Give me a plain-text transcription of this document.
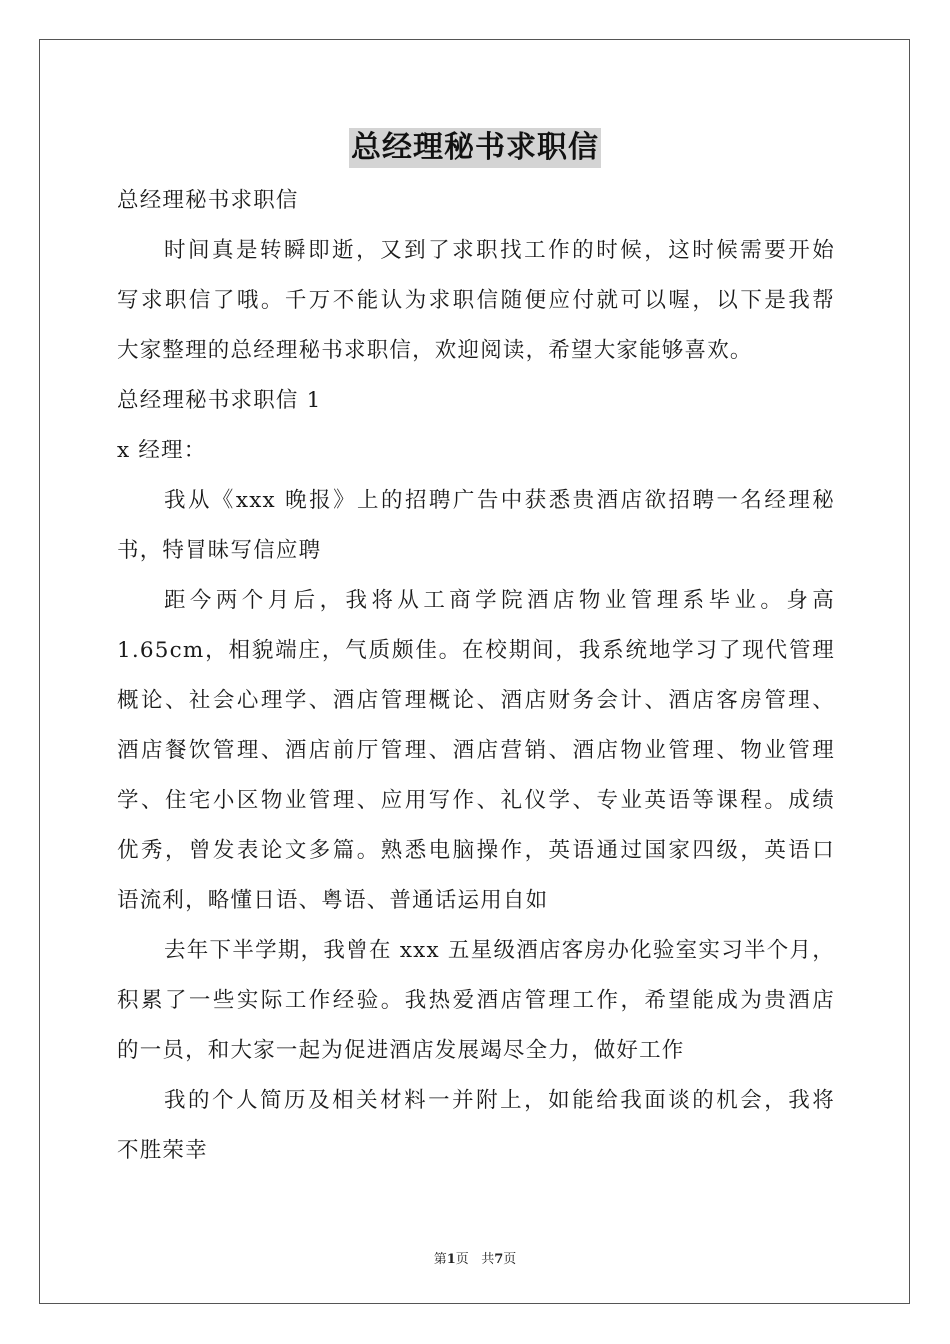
总经理秘书求职信

总经理秘书求职信

时间真是转瞬即逝，又到了求职找工作的时候，这时候需要开始

写求职信了哦。千万不能认为求职信随便应付就可以喔，以下是我帮

大家整理的总经理秘书求职信，欢迎阅读，希望大家能够喜欢。

总经理秘书求职信 1

x 经理：

我从《xxx 晚报》上的招聘广告中获悉贵酒店欲招聘一名经理秘

书，特冒昧写信应聘

距今两个月后，我将从工商学院酒店物业管理系毕业。身高

1.65cm，相貌端庄，气质颇佳。在校期间，我系统地学习了现代管理

概论、社会心理学、酒店管理概论、酒店财务会计、酒店客房管理、

酒店餐饮管理、酒店前厅管理、酒店营销、酒店物业管理、物业管理

学、住宅小区物业管理、应用写作、礼仪学、专业英语等课程。成绩

优秀，曾发表论文多篇。熟悉电脑操作，英语通过国家四级，英语口

语流利，略懂日语、粤语、普通话运用自如

去年下半学期，我曾在 xxx 五星级酒店客房办化验室实习半个月，

积累了一些实际工作经验。我热爱酒店管理工作，希望能成为贵酒店

的一员，和大家一起为促进酒店发展竭尽全力，做好工作

我的个人简历及相关材料一并附上，如能给我面谈的机会，我将

不胜荣幸

第1页 共7页
